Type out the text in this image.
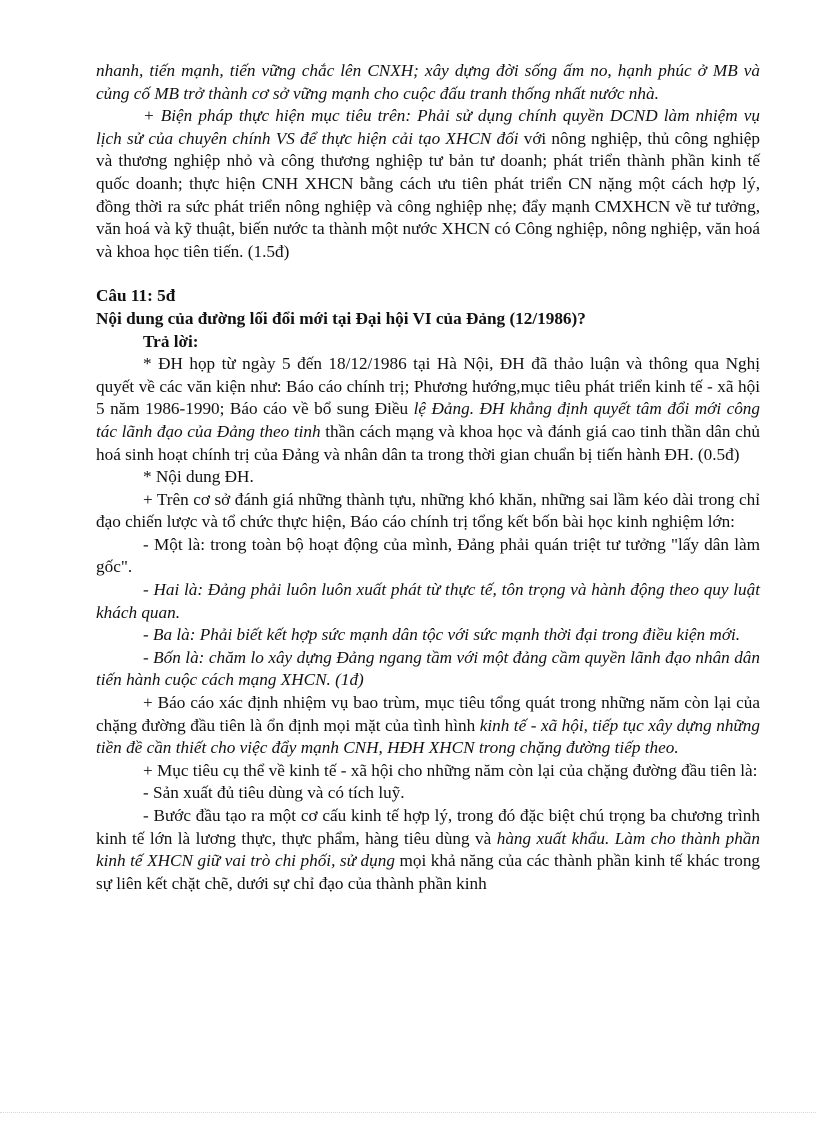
nhanh, tiến mạnh, tiến vững chắc lên CNXH; xây dựng đời sống ấm no, hạnh phúc ở MB và củng cố MB trở thành cơ sở vững mạnh cho cuộc đấu tranh thống nhất nước nhà.

+ Biện pháp thực hiện mục tiêu trên: Phải sử dụng chính quyền DCND làm nhiệm vụ lịch sử của chuyên chính VS để thực hiện cải tạo XHCN đối với nông nghiệp, thủ công nghiệp và thương nghiệp nhỏ và công thương nghiệp tư bản tư doanh; phát triển thành phần kinh tế quốc doanh; thực hiện CNH XHCN bằng cách ưu tiên phát triển CN nặng một cách hợp lý, đồng thời ra sức phát triển nông nghiệp và công nghiệp nhẹ; đẩy mạnh CMXHCN về tư tưởng, văn hoá và kỹ thuật, biến nước ta thành một nước XHCN có Công nghiệp, nông nghiệp, văn hoá và khoa học tiên tiến. (1.5đ)

Câu 11: 5đ

Nội dung của đường lối đổi mới tại Đại hội VI của Đảng (12/1986)?

Trả lời:

* ĐH họp từ ngày 5 đến 18/12/1986 tại Hà Nội, ĐH đã thảo luận và thông qua Nghị quyết về các văn kiện như: Báo cáo chính trị; Phương hướng,mục tiêu phát triển kinh tế - xã hội 5 năm 1986-1990; Báo cáo về bổ sung Điều lệ Đảng. ĐH khẳng định quyết tâm đổi mới công tác lãnh đạo của Đảng theo tinh thần cách mạng và khoa học và đánh giá cao tinh thần dân chủ hoá sinh hoạt chính trị của Đảng và nhân dân ta trong thời gian chuẩn bị tiến hành ĐH. (0.5đ)

* Nội dung ĐH.

+ Trên cơ sở đánh giá những thành tựu, những khó khăn, những sai lầm kéo dài trong chỉ đạo chiến lược và tổ chức thực hiện, Báo cáo chính trị tổng kết bốn bài học kinh nghiệm lớn:

- Một là: trong toàn bộ hoạt động của mình, Đảng phải quán triệt tư tưởng "lấy dân làm gốc".

- Hai là: Đảng phải luôn luôn xuất phát từ thực tế, tôn trọng và hành động theo quy luật khách quan.

- Ba là: Phải biết kết hợp sức mạnh dân tộc với sức mạnh thời đại trong điều kiện mới.

- Bốn là: chăm lo xây dựng Đảng ngang tầm với một đảng cầm quyền lãnh đạo nhân dân tiến hành cuộc cách mạng XHCN. (1đ)

+ Báo cáo xác định nhiệm vụ bao trùm, mục tiêu tổng quát trong những năm còn lại của chặng đường đầu tiên là ổn định mọi mặt của tình hình kinh tế - xã hội, tiếp tục xây dựng những tiền đề cần thiết cho việc đẩy mạnh CNH, HĐH XHCN trong chặng đường tiếp theo.

+ Mục tiêu cụ thể về kinh tế - xã hội cho những năm còn lại của chặng đường đầu tiên là:

- Sản xuất đủ tiêu dùng và có tích luỹ.

- Bước đầu tạo ra một cơ cấu kinh tế hợp lý, trong đó đặc biệt chú trọng ba chương trình kinh tế lớn là lương thực, thực phẩm, hàng tiêu dùng và hàng xuất khẩu. Làm cho thành phần kinh tế XHCN giữ vai trò chi phối, sử dụng mọi khả năng của các thành phần kinh tế khác trong sự liên kết chặt chẽ, dưới sự chỉ đạo của thành phần kinh
